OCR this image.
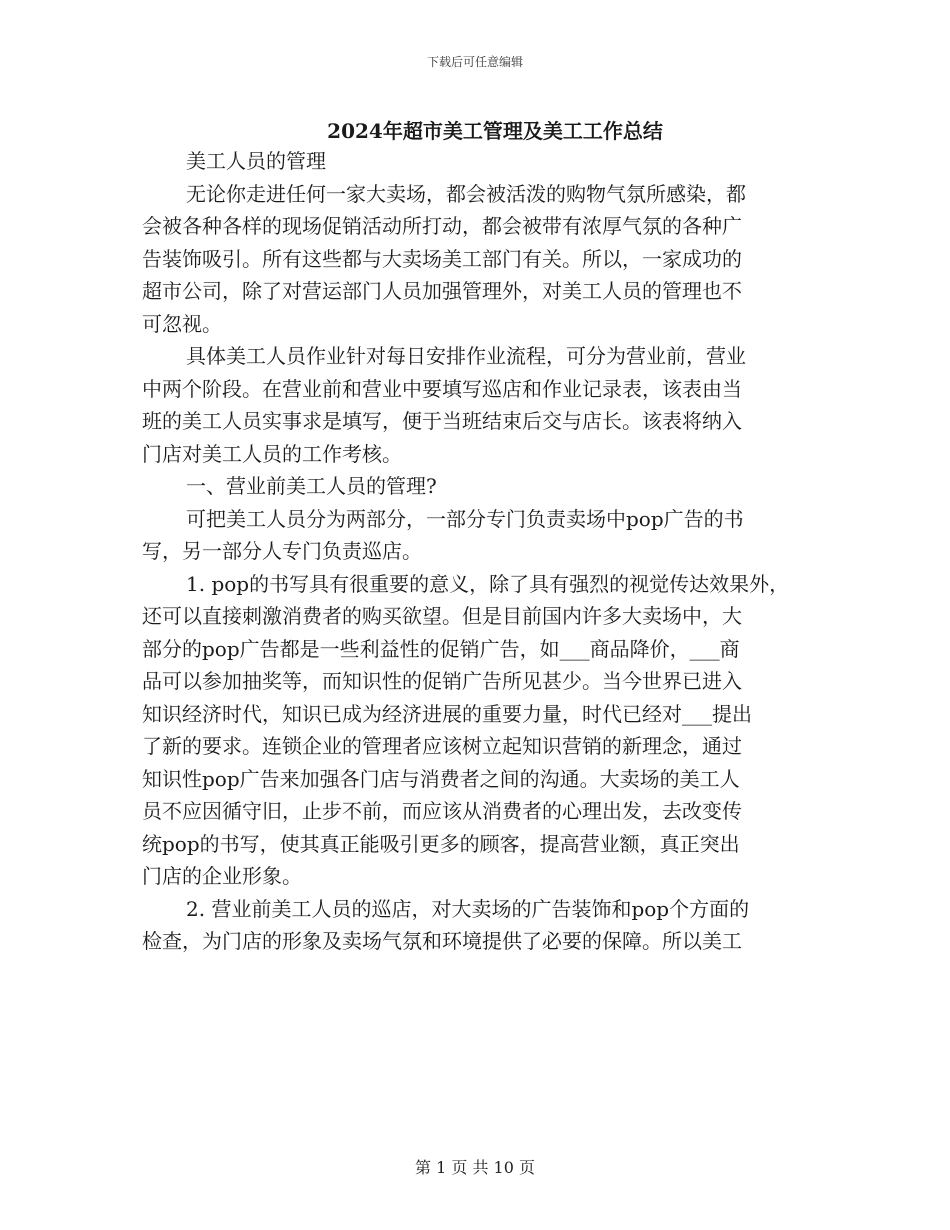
下载后可任意编辑
2024年超市美工管理及美工工作总结
美工人员的管理
无论你走进任何一家大卖场，都会被活泼的购物气氛所感染，都
会被各种各样的现场促销活动所打动，都会被带有浓厚气氛的各种广
告装饰吸引。所有这些都与大卖场美工部门有关。所以，一家成功的
超市公司，除了对营运部门人员加强管理外，对美工人员的管理也不
可忽视。
具体美工人员作业针对每日安排作业流程，可分为营业前，营业
中两个阶段。在营业前和营业中要填写巡店和作业记录表，该表由当
班的美工人员实事求是填写，便于当班结束后交与店长。该表将纳入
门店对美工人员的工作考核。
一、营业前美工人员的管理?
可把美工人员分为两部分，一部分专门负责卖场中pop广告的书
写，另一部分人专门负责巡店。
1. pop的书写具有很重要的意义，除了具有强烈的视觉传达效果外，
还可以直接刺激消费者的购买欲望。但是目前国内许多大卖场中，大
部分的pop广告都是一些利益性的促销广告，如___商品降价，___商
品可以参加抽奖等，而知识性的促销广告所见甚少。当今世界已进入
知识经济时代，知识已成为经济进展的重要力量，时代已经对___提出
了新的要求。连锁企业的管理者应该树立起知识营销的新理念，通过
知识性pop广告来加强各门店与消费者之间的沟通。大卖场的美工人
员不应因循守旧，止步不前，而应该从消费者的心理出发，去改变传
统pop的书写，使其真正能吸引更多的顾客，提高营业额，真正突出
门店的企业形象。
2. 营业前美工人员的巡店，对大卖场的广告装饰和pop个方面的
检查，为门店的形象及卖场气氛和环境提供了必要的保障。所以美工
第 1 页 共 10 页
